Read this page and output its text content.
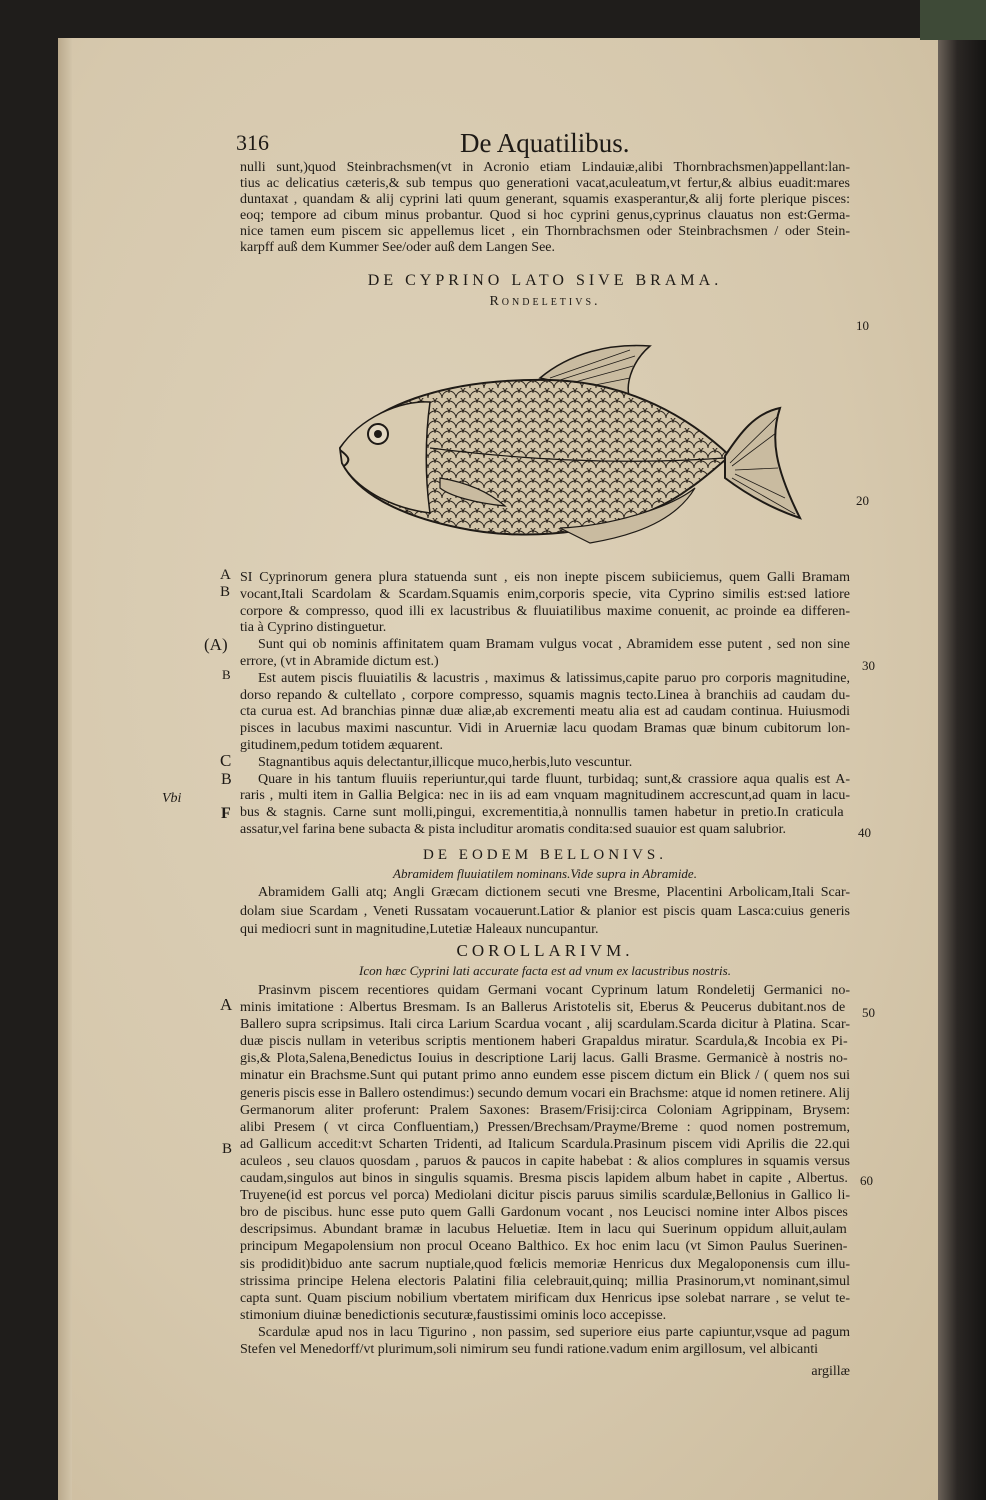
316	De Aquatilibus.
nulli sunt,)quod Steinbrachsmen(vt in Acronio etiam Lindauiæ,alibi Thornbrachsmen)appellant:lan-
tius ac delicatius cæteris,& sub tempus quo generationi vacat,aculeatum,vt fertur,& albius euadit:mares
duntaxat , quandam & alij cyprini lati quum generant, squamis exasperantur,& alij forte plerique pisces:
eoq; tempore ad cibum minus probantur. Quod si hoc cyprini genus,cyprinus clauatus non est:Germa-
nice tamen eum piscem sic appellemus licet , ein Thornbrachsmen oder Steinbrachsmen / oder Stein-
karpff auß dem Kummer See/oder auß dem Langen See.
DE CYPRINO LATO SIVE BRAMA.
Rondeletivs.
SI Cyprinorum genera plura statuenda sunt , eis non inepte piscem subiiciemus, quem Galli Bramam
vocant,Itali Scardolam & Scardam.Squamis enim,corporis specie, vita Cyprino similis est:sed latiore
corpore & compresso, quod illi ex lacustribus & fluuiatilibus maxime conuenit, ac proinde ea differen-
tia à Cyprino distinguetur.
Sunt qui ob nominis affinitatem quam Bramam vulgus vocat , Abramidem esse putent , sed non sine
errore, (vt in Abramide dictum est.)
Est autem piscis fluuiatilis & lacustris , maximus & latissimus,capite paruo pro corporis magnitudine,
dorso repando & cultellato , corpore compresso, squamis magnis tecto.Linea à branchiis ad caudam du-
cta curua est. Ad branchias pinnæ duæ aliæ,ab excrementi meatu alia est ad caudam continua. Huiusmodi
pisces in lacubus maximi nascuntur. Vidi in Aruerniæ lacu quodam Bramas quæ binum cubitorum lon-
gitudinem,pedum totidem æquarent.
Stagnantibus aquis delectantur,illicque muco,herbis,luto vescuntur.
Quare in his tantum fluuiis reperiuntur,qui tarde fluunt, turbidaq; sunt,& crassiore aqua qualis est A-
raris , multi item in Gallia Belgica: nec in iis ad eam vnquam magnitudinem accrescunt,ad quam in lacu-
bus & stagnis. Carne sunt molli,pingui, excrementitia,à nonnullis tamen habetur in pretio.In craticula
assatur,vel farina bene subacta & pista includitur aromatis condita:sed suauior est quam salubrior.
DE EODEM BELLONIVS.
Abramidem fluuiatilem nominans.Vide supra in Abramide.
Abramidem Galli atq; Angli Græcam dictionem secuti vne Bresme, Placentini Arbolicam,Itali Scar-
dolam siue Scardam , Veneti Russatam vocauerunt.Latior & planior est piscis quam Lasca:cuius generis
qui mediocri sunt in magnitudine,Lutetiæ Haleaux nuncupantur.
COROLLARIVM.
Icon hæc Cyprini lati accurate facta est ad vnum ex lacustribus nostris.
Prasinvm piscem recentiores quidam Germani vocant Cyprinum latum Rondeletij Germanici no-
minis imitatione : Albertus Bresmam. Is an Ballerus Aristotelis sit, Eberus & Peucerus dubitant.nos de
Ballero supra scripsimus. Itali circa Larium Scardua vocant , alij scardulam.Scarda dicitur à Platina. Scar-
duæ piscis nullam in veteribus scriptis mentionem haberi Grapaldus miratur. Scardula,& Incobia ex Pi-
gis,& Plota,Salena,Benedictus Iouius in descriptione Larij lacus. Galli Brasme. Germanicè à nostris no-
minatur ein Brachsme.Sunt qui putant primo anno eundem esse piscem dictum ein Blick / ( quem nos sui
generis piscis esse in Ballero ostendimus:) secundo demum vocari ein Brachsme: atque id nomen retinere. Alij
Germanorum aliter proferunt: Pralem Saxones: Brasem/Frisij:circa Coloniam Agrippinam, Brysem:
alibi Presem ( vt circa Confluentiam,) Pressen/Brechsam/Prayme/Breme : quod nomen postremum,
ad Gallicum accedit:vt Scharten Tridenti, ad Italicum Scardula.Prasinum piscem vidi Aprilis die 22.qui
aculeos , seu clauos quosdam , paruos & paucos in capite habebat : & alios complures in squamis versus
caudam,singulos aut binos in singulis squamis. Bresma piscis lapidem album habet in capite , Albertus.
Truyene(id est porcus vel porca) Mediolani dicitur piscis paruus similis scardulæ,Bellonius in Gallico li-
bro de piscibus. hunc esse puto quem Galli Gardonum vocant , nos Leucisci nomine inter Albos pisces
descripsimus. Abundant bramæ in lacubus Heluetiæ. Item in lacu qui Suerinum oppidum alluit,aulam
principum Megapolensium non procul Oceano Balthico. Ex hoc enim lacu (vt Simon Paulus Suerinen-
sis prodidit)biduo ante sacrum nuptiale,quod fœlicis memoriæ Henricus dux Megaloponensis cum illu-
strissima principe Helena electoris Palatini filia celebrauit,quinq; millia Prasinorum,vt nominant,simul
capta sunt. Quam piscium nobilium vbertatem mirificam dux Henricus ipse solebat narrare , se velut te-
stimonium diuinæ benedictionis secuturæ,faustissimi ominis loco accepisse.
Scardulæ apud nos in lacu Tigurino , non passim, sed superiore eius parte capiuntur,vsque ad pagum
Stefen vel Menedorff/vt plurimum,soli nimirum seu fundi ratione.vadum enim argillosum, vel albicanti
argillæ
A
B
(A)
B
C
B
F
Vbi
A
B
10
20
30
40
50
60
